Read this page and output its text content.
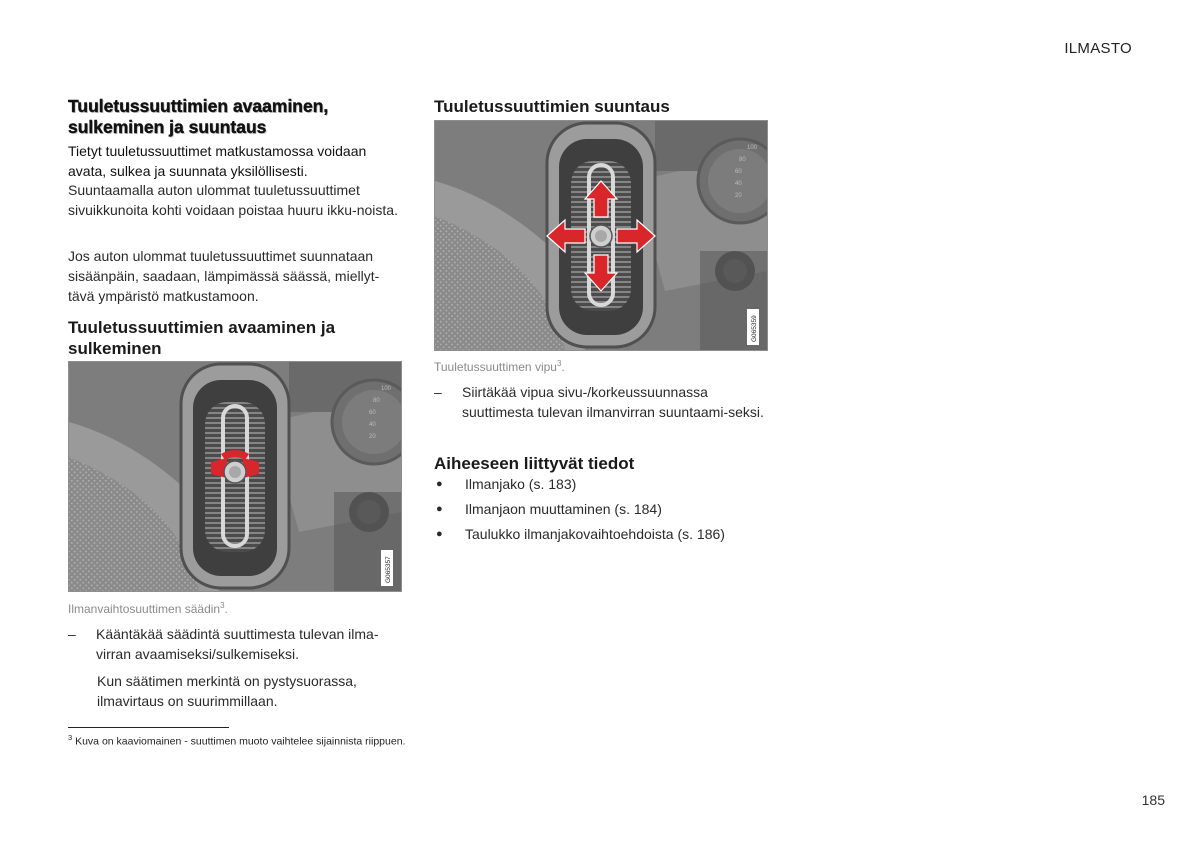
ILMASTO
Tuuletussuuttimien avaaminen, sulkeminen ja suuntaus
Tietyt tuuletussuuttimet matkustamossa voidaan avata, sulkea ja suunnata yksilöllisesti.
Suuntaamalla auton ulommat tuuletussuuttimet sivuikkunoita kohti voidaan poistaa huuru ikku-noista.
Jos auton ulommat tuuletussuuttimet suunnataan sisäänpäin, saadaan, lämpimässä säässä, miellyt-tävä ympäristö matkustamoon.
Tuuletussuuttimien avaaminen ja sulkeminen
100
80
60
40
20
G065357
Ilmanvaihtosuuttimen säädin$^3$.
–	Kääntäkää säädintä suuttimesta tulevan ilma-virran avaamiseksi/sulkemiseksi.
Kun säätimen merkintä on pystysuorassa, ilmavirtaus on suurimmillaan.
Tuuletussuuttimien suuntaus
100
80
60
40
20
G065359
Tuuletussuuttimen vipu$^3$.
–	Siirtäkää vipua sivu-/korkeussuunnassa suuttimesta tulevan ilmanvirran suuntaami-seksi.
Aiheeseen liittyvät tiedot
●	Ilmanjako (s. 183)
●	Ilmanjaon muuttaminen (s. 184)
●	Taulukko ilmanjakovaihtoehdoista (s. 186)
$^3$ Kuva on kaaviomainen - suuttimen muoto vaihtelee sijainnista riippuen.
185
